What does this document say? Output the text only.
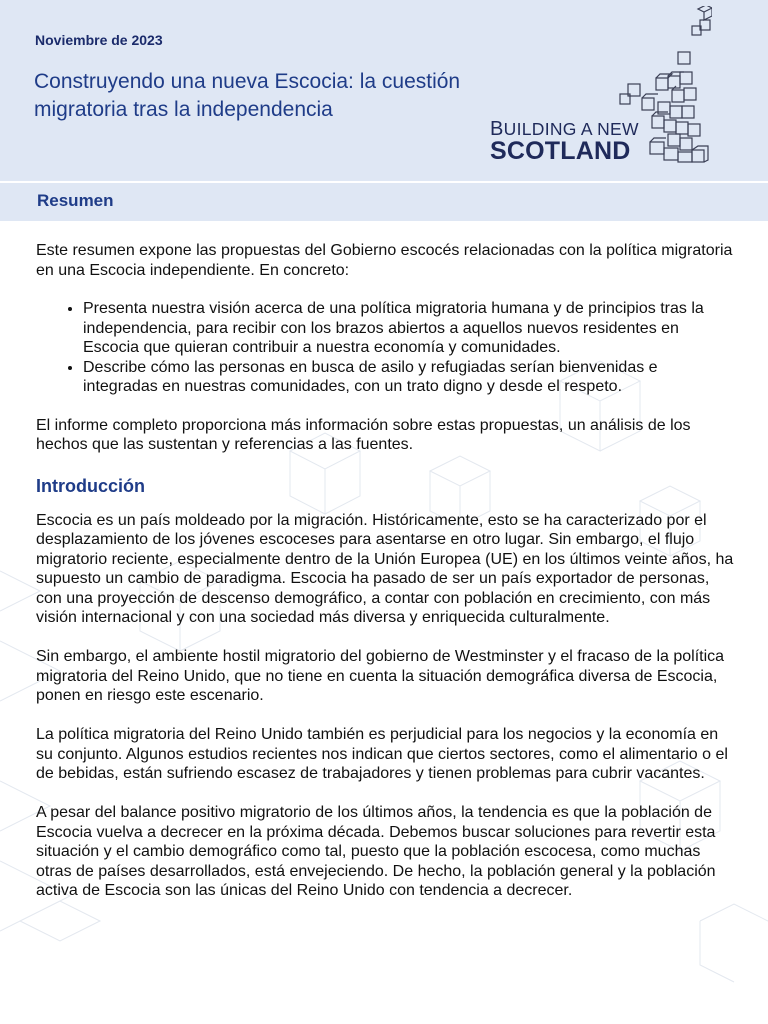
Noviembre de 2023
Construyendo una nueva Escocia: la cuestión migratoria tras la independencia
BUILDING A NEW
SCOTLAND
Resumen

Este resumen expone las propuestas del Gobierno escocés relacionadas con la política migratoria en una Escocia independiente. En concreto:

• Presenta nuestra visión acerca de una política migratoria humana y de principios tras la independencia, para recibir con los brazos abiertos a aquellos nuevos residentes en Escocia que quieran contribuir a nuestra economía y comunidades.
• Describe cómo las personas en busca de asilo y refugiadas serían bienvenidas e integradas en nuestras comunidades, con un trato digno y desde el respeto.

El informe completo proporciona más información sobre estas propuestas, un análisis de los hechos que las sustentan y referencias a las fuentes.

Introducción

Escocia es un país moldeado por la migración. Históricamente, esto se ha caracterizado por el desplazamiento de los jóvenes escoceses para asentarse en otro lugar. Sin embargo, el flujo migratorio reciente, especialmente dentro de la Unión Europea (UE) en los últimos veinte años, ha supuesto un cambio de paradigma. Escocia ha pasado de ser un país exportador de personas, con una proyección de descenso demográfico, a contar con población en crecimiento, con más visión internacional y con una sociedad más diversa y enriquecida culturalmente.

Sin embargo, el ambiente hostil migratorio del gobierno de Westminster y el fracaso de la política migratoria del Reino Unido, que no tiene en cuenta la situación demográfica diversa de Escocia, ponen en riesgo este escenario.

La política migratoria del Reino Unido también es perjudicial para los negocios y la economía en su conjunto. Algunos estudios recientes nos indican que ciertos sectores, como el alimentario o el de bebidas, están sufriendo escasez de trabajadores y tienen problemas para cubrir vacantes.

A pesar del balance positivo migratorio de los últimos años, la tendencia es que la población de Escocia vuelva a decrecer en la próxima década. Debemos buscar soluciones para revertir esta situación y el cambio demográfico como tal, puesto que la población escocesa, como muchas otras de países desarrollados, está envejeciendo. De hecho, la población general y la población activa de Escocia son las únicas del Reino Unido con tendencia a decrecer.
